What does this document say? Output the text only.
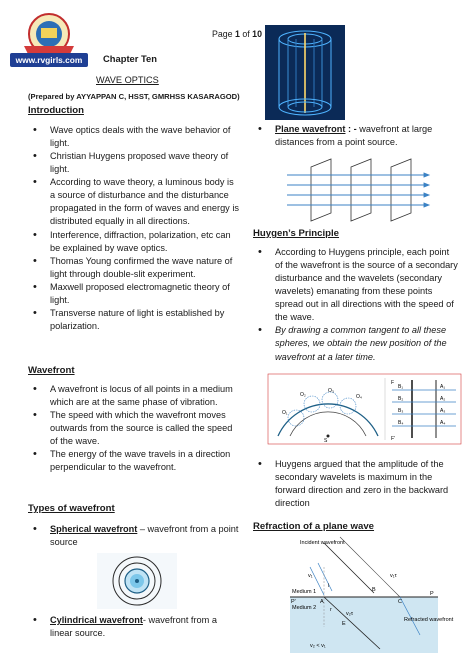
www.rvgirls.com
Page 1 of 10
Chapter Ten
WAVE OPTICS
(Prepared by AYYAPPAN C, HSST, GMRHSS KASARAGOD)
Introduction
• Wave optics deals with the wave behavior of light.
• Christian Huygens proposed wave theory of light.
• According to wave theory, a luminous body is a source of disturbance and the disturbance propagated in the form of waves and energy is distributed equally in all directions.
• Interference, diffraction, polarization, etc can be explained by wave optics.
• Thomas Young confirmed the wave nature of light through double-slit experiment.
• Maxwell proposed electromagnetic theory of light.
• Transverse nature of light is established by polarization.
Wavefront
• A wavefront is locus of all points in a medium which are at the same phase of vibration.
• The speed with which the wavefront moves outwards from the source is called the speed of the wave.
• The energy of the wave travels in a direction perpendicular to the wavefront.
Types of wavefront
• Spherical wavefront – wavefront from a point source
• Cylindrical wavefront- wavefront from a linear source.
• Plane wavefront : - wavefront at large distances from a point source.
Huygen’s Principle
• According to Huygens principle, each point of the wavefront is the source of a secondary disturbance and the wavelets (secondary wavelets) emanating from these points spread out in all directions with the speed of the wave.
• By drawing a common tangent to all these spheres, we obtain the new position of the wavefront at a later time.
S
O₁
O₂
O₃
O₄
F
F'
B₁
B₂
B₃
B₄
A₁
A₂
A₃
A₄
• Huygens argued that the amplitude of the secondary wavelets is maximum in the forward direction and zero in the backward direction
Refraction of a plane wave
Incident wavefront
Refracted wavefront
Medium 1
Medium 2
v₁
v₂ < v₁
A
B
C
E
P
P'
i
r
v₁τ
v₂τ
